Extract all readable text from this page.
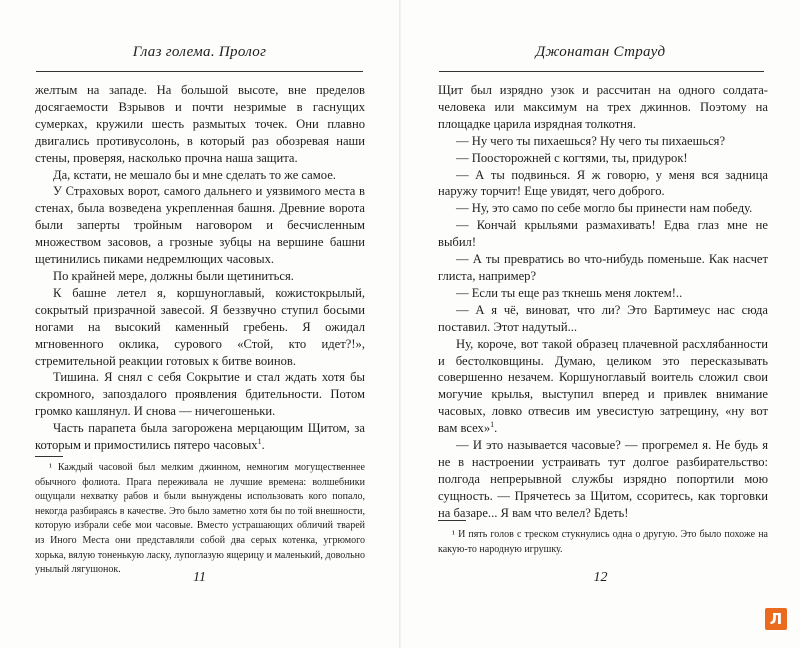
Глаз голема. Пролог

желтым на западе. На большой высоте, вне пределов досягаемости Взрывов и почти незримые в гаснущих сумерках, кружили шесть размытых точек. Они плавно двигались противусолонь, в который раз обозревая наши стены, проверяя, насколько прочна наша защита.

Да, кстати, не мешало бы и мне сделать то же самое.

У Страховых ворот, самого дальнего и уязвимого места в стенах, была возведена укрепленная башня. Древние ворота были заперты тройным наговором и бесчисленным множеством засовов, а грозные зубцы на вершине башни щетинились пиками недремлющих часовых.

По крайней мере, должны были щетиниться.

К башне летел я, коршуноглавый, кожистокрылый, сокрытый призрачной завесой. Я беззвучно ступил босыми ногами на высокий каменный гребень. Я ожидал мгновенного оклика, сурового «Стой, кто идет?!», стремительной реакции готовых к битве воинов.

Тишина. Я снял с себя Сокрытие и стал ждать хотя бы скромного, запоздалого проявления бдительности. Потом громко кашлянул. И снова — ничегошеньки.

Часть парапета была загорожена мерцающим Щитом, за которым и примостились пятеро часовых$^1$.

¹ Каждый часовой был мелким джинном, немногим могущественнее обычного фолиота. Прага переживала не лучшие времена: волшебники ощущали нехватку рабов и были вынуждены использовать кого попало, некогда разбираясь в качестве. Это было заметно хотя бы по той внешности, которую избрали себе мои часовые. Вместо устрашающих обличий тварей из Иного Места они представляли собой два серых котенка, угрюмого хорька, вялую тоненькую ласку, лупоглазую ящерицу и маленький, довольно унылый лягушонок.

11
Джонатан Страуд

Щит был изрядно узок и рассчитан на одного солдата-человека или максимум на трех джиннов. Поэтому на площадке царила изрядная толкотня.

— Ну чего ты пихаешься? Ну чего ты пихаешься?

— Поосторожней с когтями, ты, придурок!

— А ты подвинься. Я ж говорю, у меня вся задница наружу торчит! Еще увидят, чего доброго.

— Ну, это само по себе могло бы принести нам победу.

— Кончай крыльями размахивать! Едва глаз мне не выбил!

— А ты превратись во что-нибудь поменьше. Как насчет глиста, например?

— Если ты еще раз ткнешь меня локтем!..

— А я чё, виноват, что ли? Это Бартимеус нас сюда поставил. Этот надутый...

Ну, короче, вот такой образец плачевной расхлябанности и бестолковщины. Думаю, целиком это пересказывать совершенно незачем. Коршуноглавый воитель сложил свои могучие крылья, выступил вперед и привлек внимание часовых, ловко отвесив им увесистую затрещину, «ну вот вам всех»$^1$.

— И это называется часовые? — прогремел я. Не будь я не в настроении устраивать тут долгое разбирательство: полгода непрерывной службы изрядно попортили мою сущность. — Прячетесь за Щитом, ссоритесь, как торговки на базаре... Я вам что велел? Бдеть!

¹ И пять голов с треском стукнулись одна о другую. Это было похоже на какую-то народную игрушку.

12
Л
